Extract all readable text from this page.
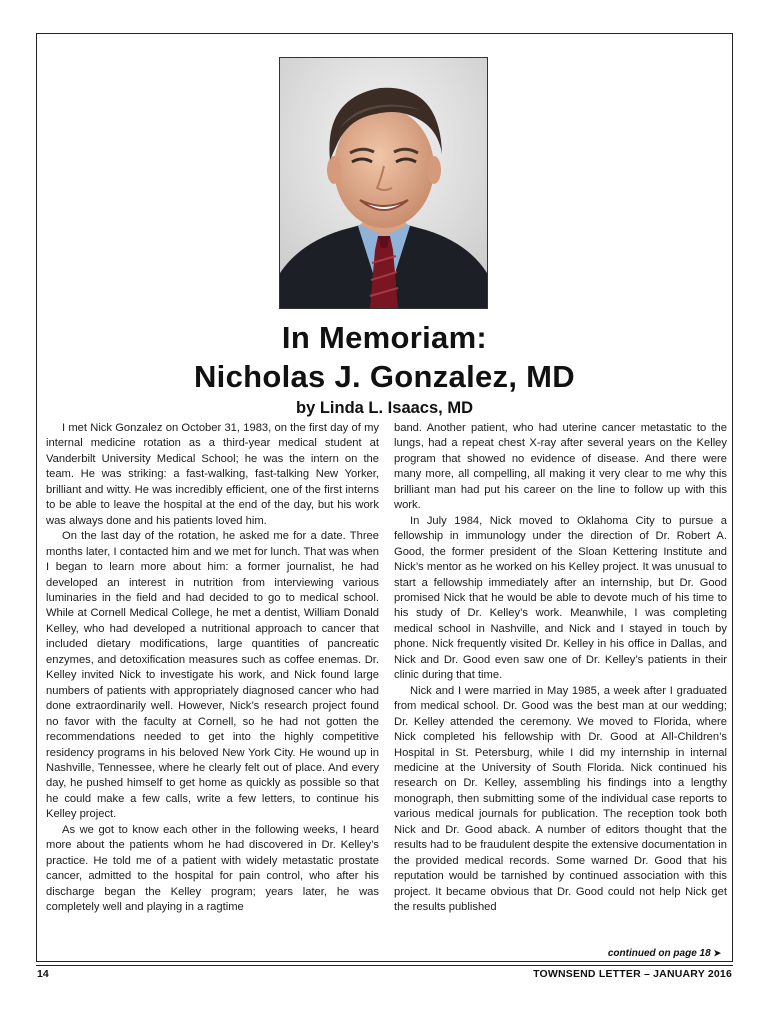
In Memoriam:
Nicholas J. Gonzalez, MD
by Linda L. Isaacs, MD

I met Nick Gonzalez on October 31, 1983, on the first day of my internal medicine rotation as a third-year medical student at Vanderbilt University Medical School; he was the intern on the team. He was striking: a fast-walking, fast-talking New Yorker, brilliant and witty. He was incredibly efficient, one of the first interns to be able to leave the hospital at the end of the day, but his work was always done and his patients loved him.

On the last day of the rotation, he asked me for a date. Three months later, I contacted him and we met for lunch. That was when I began to learn more about him: a former journalist, he had developed an interest in nutrition from interviewing various luminaries in the field and had decided to go to medical school. While at Cornell Medical College, he met a dentist, William Donald Kelley, who had developed a nutritional approach to cancer that included dietary modifications, large quantities of pancreatic enzymes, and detoxification measures such as coffee enemas. Dr. Kelley invited Nick to investigate his work, and Nick found large numbers of patients with appropriately diagnosed cancer who had done extraordinarily well. However, Nick’s research project found no favor with the faculty at Cornell, so he had not gotten the recommendations needed to get into the highly competitive residency programs in his beloved New York City. He wound up in Nashville, Tennessee, where he clearly felt out of place. And every day, he pushed himself to get home as quickly as possible so that he could make a few calls, write a few letters, to continue his Kelley project.

As we got to know each other in the following weeks, I heard more about the patients whom he had discovered in Dr. Kelley’s practice. He told me of a patient with widely metastatic prostate cancer, admitted to the hospital for pain control, who after his discharge began the Kelley program; years later, he was completely well and playing in a ragtime

band. Another patient, who had uterine cancer metastatic to the lungs, had a repeat chest X-ray after several years on the Kelley program that showed no evidence of disease. And there were many more, all compelling, all making it very clear to me why this brilliant man had put his career on the line to follow up with this work.

In July 1984, Nick moved to Oklahoma City to pursue a fellowship in immunology under the direction of Dr. Robert A. Good, the former president of the Sloan Kettering Institute and Nick’s mentor as he worked on his Kelley project. It was unusual to start a fellowship immediately after an internship, but Dr. Good promised Nick that he would be able to devote much of his time to his study of Dr. Kelley’s work. Meanwhile, I was completing medical school in Nashville, and Nick and I stayed in touch by phone. Nick frequently visited Dr. Kelley in his office in Dallas, and Nick and Dr. Good even saw one of Dr. Kelley’s patients in their clinic during that time.

Nick and I were married in May 1985, a week after I graduated from medical school. Dr. Good was the best man at our wedding; Dr. Kelley attended the ceremony. We moved to Florida, where Nick completed his fellowship with Dr. Good at All-Children’s Hospital in St. Petersburg, while I did my internship in internal medicine at the University of South Florida. Nick continued his research on Dr. Kelley, assembling his findings into a lengthy monograph, then submitting some of the individual case reports to various medical journals for publication. The reception took both Nick and Dr. Good aback. A number of editors thought that the results had to be fraudulent despite the extensive documentation in the provided medical records. Some warned Dr. Good that his reputation would be tarnished by continued association with this project. It became obvious that Dr. Good could not help Nick get the results published

continued on page 18 ➤
14	TOWNSEND LETTER – JANUARY 2016
